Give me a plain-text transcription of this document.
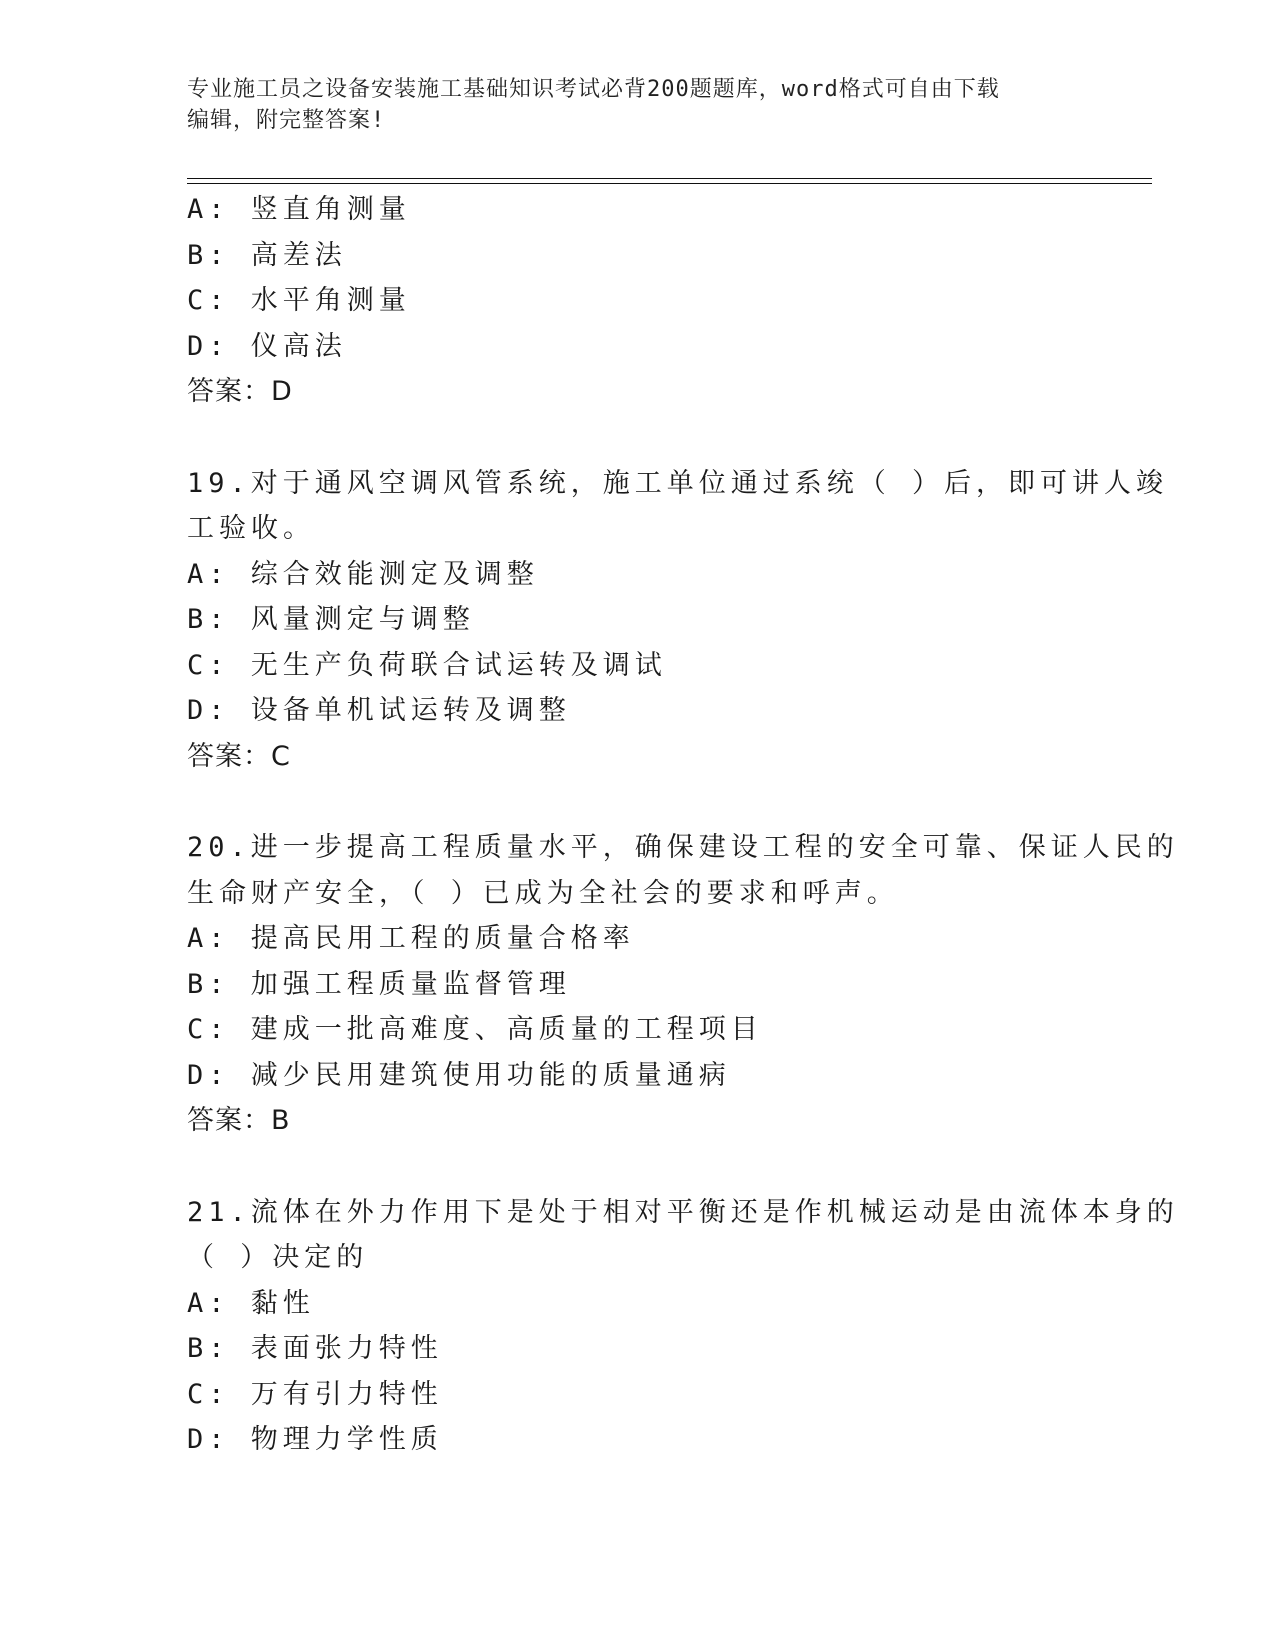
专业施工员之设备安装施工基础知识考试必背200题题库，word格式可自由下载
编辑，附完整答案!
A: 竖直角测量
B: 高差法
C: 水平角测量
D: 仪高法
答案：D
19.对于通风空调风管系统，施工单位通过系统（ ）后，即可讲人竣
工验收。
A: 综合效能测定及调整
B: 风量测定与调整
C: 无生产负荷联合试运转及调试
D: 设备单机试运转及调整
答案：C
20.进一步提高工程质量水平，确保建设工程的安全可靠、保证人民的
生命财产安全，（ ）已成为全社会的要求和呼声。
A: 提高民用工程的质量合格率
B: 加强工程质量监督管理
C: 建成一批高难度、高质量的工程项目
D: 减少民用建筑使用功能的质量通病
答案：B
21.流体在外力作用下是处于相对平衡还是作机械运动是由流体本身的
（ ）决定的
A: 黏性
B: 表面张力特性
C: 万有引力特性
D: 物理力学性质
